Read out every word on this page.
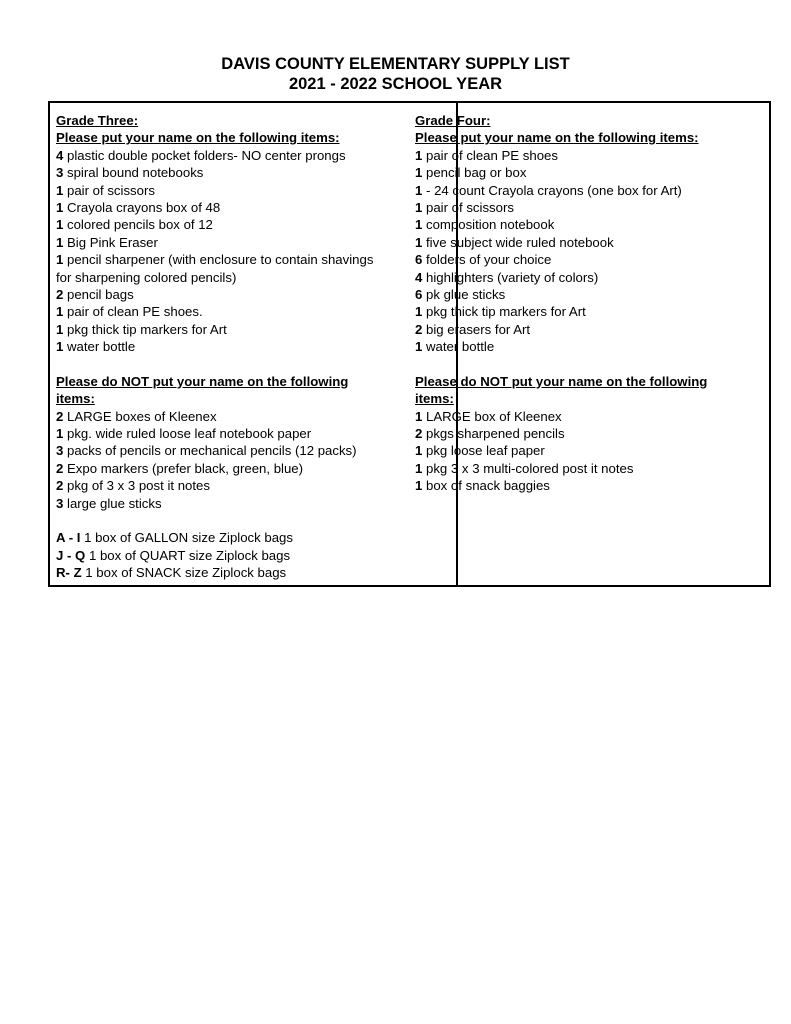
DAVIS COUNTY ELEMENTARY SUPPLY LIST
2021 - 2022 SCHOOL YEAR
Grade Three:
Please put your name on the following items:
4 plastic double pocket folders- NO center prongs
3 spiral bound notebooks
1 pair of scissors
1 Crayola crayons box of 48
1 colored pencils box of 12
1 Big Pink Eraser
1 pencil sharpener (with enclosure to contain shavings
for sharpening colored pencils)
2 pencil bags
1 pair of clean PE shoes.
1 pkg thick tip markers for Art
1 water bottle
Please do NOT put your name on the following
items:
2 LARGE boxes of Kleenex
1 pkg. wide ruled loose leaf notebook paper
3 packs of pencils or mechanical pencils (12 packs)
2 Expo markers (prefer black, green, blue)
2 pkg of 3 x 3 post it notes
3 large glue sticks
A - I 1 box of GALLON size Ziplock bags
J - Q 1 box of QUART size Ziplock bags
R- Z 1 box of SNACK size Ziplock bags
Grade Four:
Please put your name on the following items:
1 pair of clean PE shoes
1 pencil bag or box
1 - 24 count Crayola crayons (one box for Art)
1 pair of scissors
1 composition notebook
1 five subject wide ruled notebook
6 folders of your choice
4 highlighters (variety of colors)
6 pk glue sticks
1 pkg thick tip markers for Art
2 big erasers for Art
1 water bottle
Please do NOT put your name on the following
items:
1 LARGE box of Kleenex
2 pkgs sharpened pencils
1 pkg loose leaf paper
1 pkg 3 x 3 multi-colored post it notes
1 box of snack baggies
